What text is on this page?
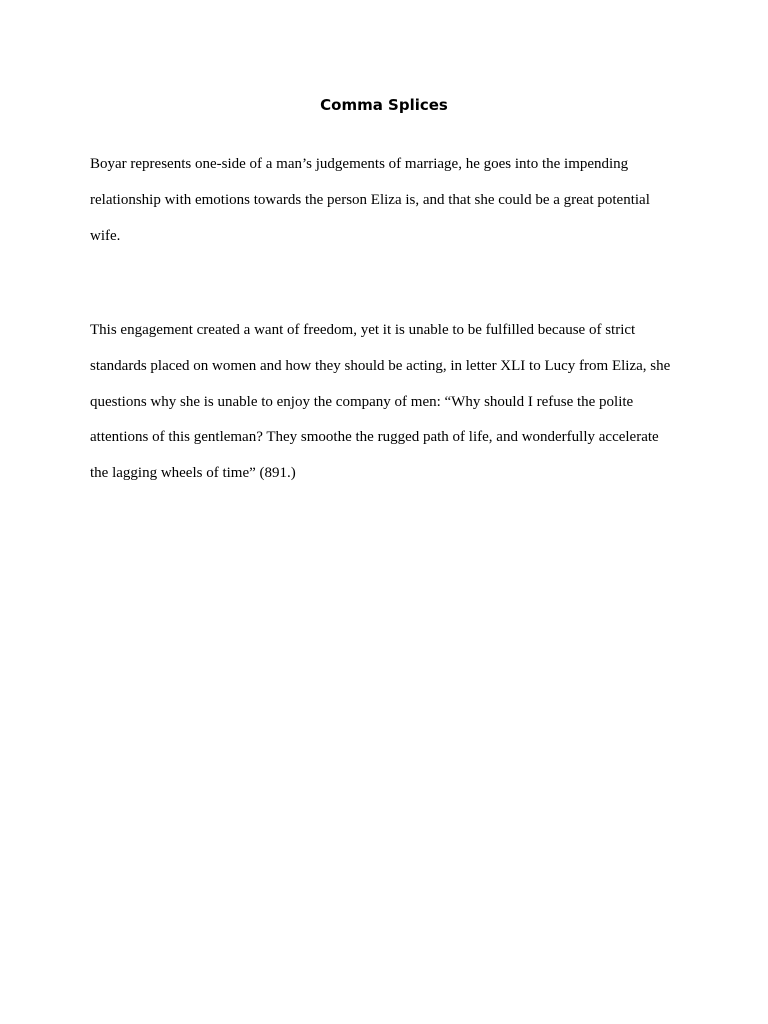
Comma Splices
Boyar represents one-side of a man’s judgements of marriage, he goes into the impending
relationship with emotions towards the person Eliza is, and that she could be a great potential
wife.
This engagement created a want of freedom, yet it is unable to be fulfilled because of strict
standards placed on women and how they should be acting, in letter XLI to Lucy from Eliza, she
questions why she is unable to enjoy the company of men: “Why should I refuse the polite
attentions of this gentleman? They smoothe the rugged path of life, and wonderfully accelerate
the lagging wheels of time” (891.)
